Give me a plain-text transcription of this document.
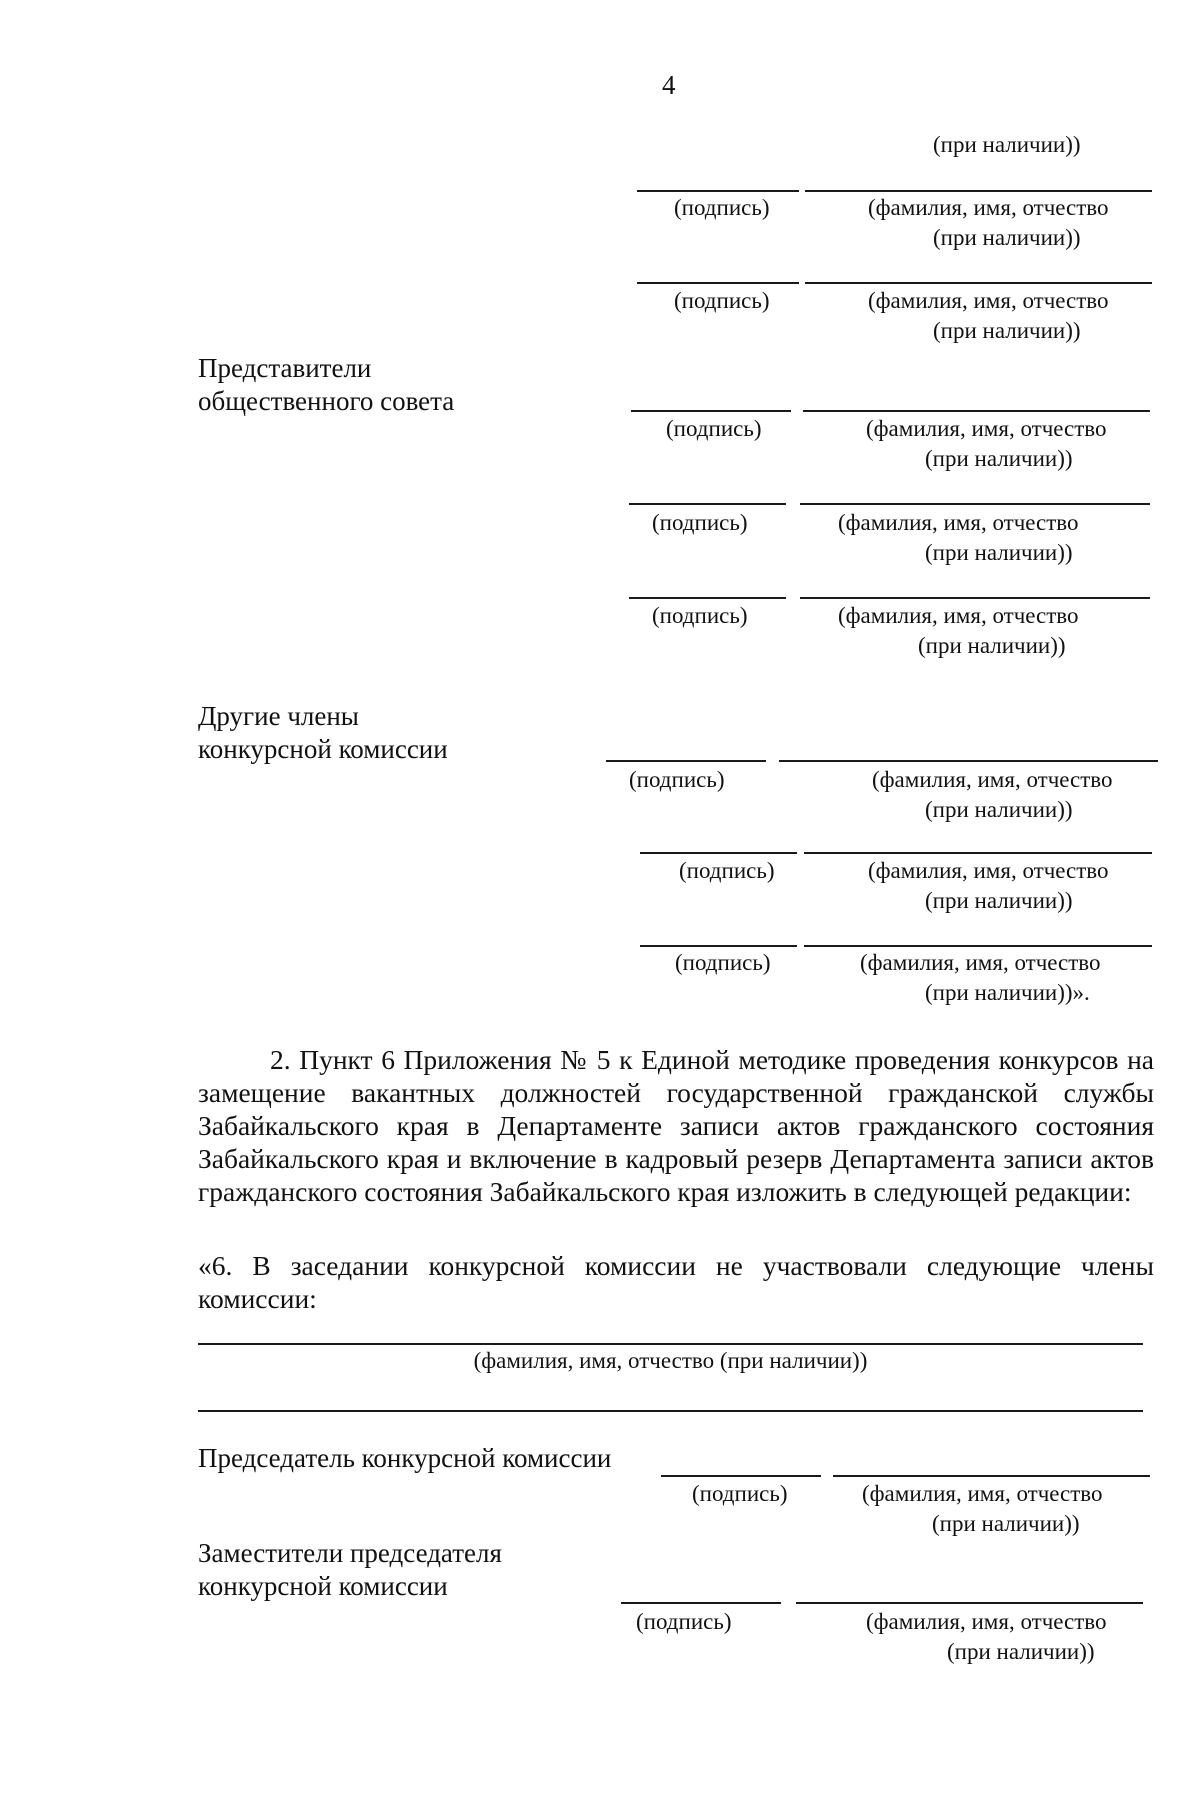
4
(при наличии))
(подпись)	(фамилия, имя, отчество
(при наличии))
(подпись)	(фамилия, имя, отчество
(при наличии))
Представители
общественного совета
(подпись)	(фамилия, имя, отчество
(при наличии))
(подпись)	(фамилия, имя, отчество
(при наличии))
(подпись)	(фамилия, имя, отчество
(при наличии))
Другие члены
конкурсной комиссии
(подпись)	(фамилия, имя, отчество
(при наличии))
(подпись)	(фамилия, имя, отчество
(при наличии))
(подпись)	(фамилия, имя, отчество
(при наличии))».
2. Пункт 6 Приложения № 5 к Единой методике проведения конкурсов на замещение вакантных должностей государственной гражданской службы Забайкальского края в Департаменте записи актов гражданского состояния Забайкальского края и включение в кадровый резерв Департамента записи актов гражданского состояния Забайкальского края изложить в следующей редакции:
«6. В заседании конкурсной комиссии не участвовали следующие члены комиссии:
(фамилия, имя, отчество (при наличии))
Председатель конкурсной комиссии
(подпись)	(фамилия, имя, отчество
(при наличии))
Заместители председателя
конкурсной комиссии
(подпись)	(фамилия, имя, отчество
(при наличии))
